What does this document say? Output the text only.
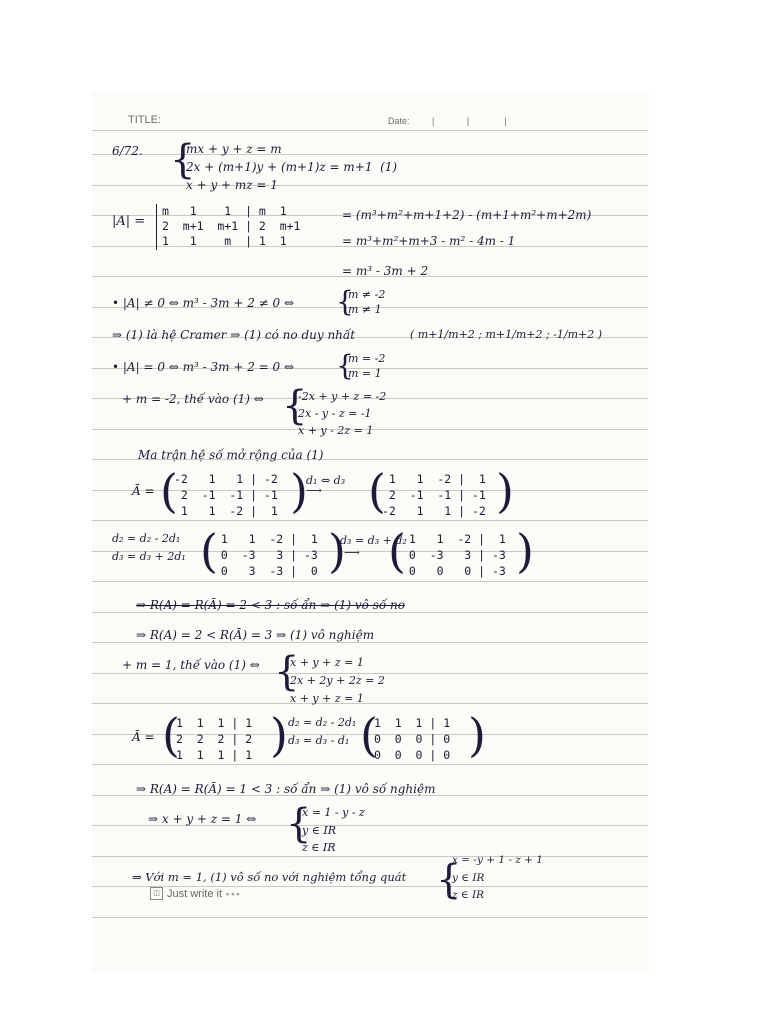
TITLE:	Date: |             |              |
6/72. {
mx + y + z = m
2x + (m+1)y + (m+1)z = m+1  (1)
x + y + mz = 1
|A| =
m   1    1  | m  1
2  m+1  m+1 | 2  m+1
1   1    m  | 1  1
= (m³+m²+m+1+2) - (m+1+m²+m+2m)
= m³+m²+m+3 - m² - 4m - 1
= m³ - 3m + 2
• |A| ≠ 0 ⇔ m³ - 3m + 2 ≠ 0 ⇔ {
m ≠ -2
m ≠ 1
⇒ (1) là hệ Cramer ⇒ (1) có no duy nhất	( m+1/m+2 ; m+1/m+2 ; -1/m+2 )
• |A| = 0 ⇔ m³ - 3m + 2 = 0 ⇔ {
m = -2
m = 1
+ m = -2, thế vào (1) ⇔ {
-2x + y + z = -2
2x - y - z = -1
x + y - 2z = 1
Ma trận hệ số mở rộng của (1)
Ā = (
-2   1   1 | -2
2  -1  -1 | -1
1   1  -2 |  1 )
d₁ ⇔ d₃
⟶ (
1   1  -2 |  1
2  -1  -1 | -1
-2   1   1 | -2 )
d₂ = d₂ - 2d₁
d₃ = d₃ + 2d₁ (
1   1  -2 |  1
0  -3   3 | -3
0   3  -3 |  0 )
d₃ = d₃ + d₂
⟶ (
1   1  -2 |  1
0  -3   3 | -3
0   0   0 | -3 )
⇒ R(A) = R(Ā) = 2 < 3 : số ẩn ⇒ (1) vô số no
⇒ R(A) = 2 < R(Ā) = 3 ⇒ (1) vô nghiệm
+ m = 1, thế vào (1) ⇔ {
x + y + z = 1
2x + 2y + 2z = 2
x + y + z = 1
Ā = (
1  1  1 | 1
2  2  2 | 2
1  1  1 | 1 ) d₂ = d₂ - 2d₁
d₃ = d₃ - d₁ (
1  1  1 | 1
0  0  0 | 0
0  0  0 | 0 )
⇒ R(A) = R(Ā) = 1 < 3 : số ẩn ⇒ (1) vô số nghiệm
⇒ x + y + z = 1 ⇔ {
x = 1 - y - z
y ∈ IR
z ∈ IR
⇒ Với m = 1, (1) vô số no với nghiệm tổng quát {
x = -y + 1 - z + 1
y ∈ IR
z ∈ IR
◫ Just write it ▪▪▪
